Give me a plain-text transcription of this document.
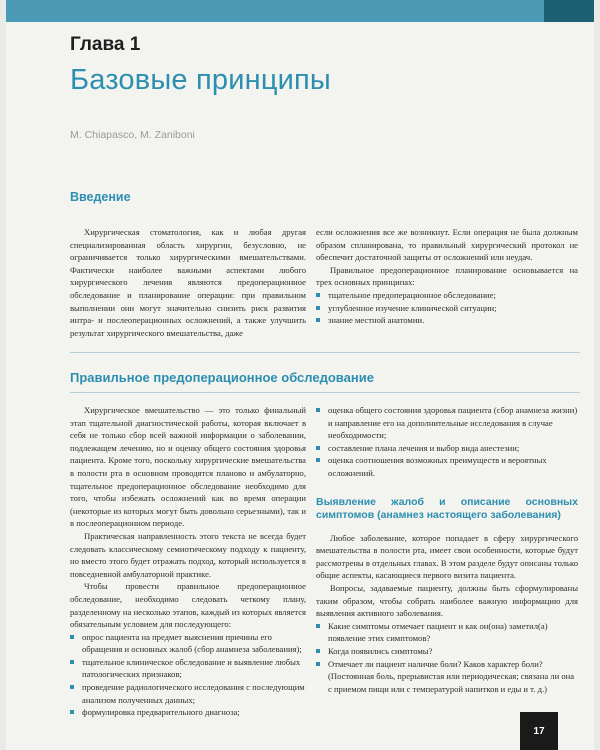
Глава 1
Базовые принципы
M. Chiapasco, M. Zaniboni
Введение

Хирургическая стоматология, как и любая другая специализированная область хирургии, безусловно, не ограничивается только хирургическими вмешательствами. Фактически наиболее важными аспектами любого хирургического лечения являются предоперационное обследование и планирование операции: при правильном выполнении они могут значительно снизить риск развития интра- и послеоперационных осложнений, а также улучшить результат хирургического вмешательства, даже

если осложнения все же возникнут. Если операция не была должным образом спланирована, то правильный хирургический протокол не обеспечит достаточной защиты от осложнений или неудач.

Правильное предоперационное планирование основывается на трех основных принципах:

тщательное предоперационное обследование;
углубленное изучение клинической ситуации;
знание местной анатомии.
Правильное предоперационное обследование

Хирургическое вмешательство — это только финальный этап тщательной диагностической работы, которая включает в себя не только сбор всей важной информации о заболевании, подлежащем лечению, но и оценку общего состояния здоровья пациента. Кроме того, поскольку хирургические вмешательства в полости рта в основном проводятся планово и амбулаторно, тщательное предоперационное обследование необходимо для того, чтобы избежать осложнений как во время операции (некоторые из которых могут быть довольно серьезными), так и в послеоперационном периоде.

Практическая направленность этого текста не всегда будет следовать классическому семиотическому подходу к пациенту, но вместо этого будет отражать подход, который используется в повседневной амбулаторной практике.

Чтобы провести правильное предоперационное обследование, необходимо следовать четкому плану, разделенному на несколько этапов, каждый из которых является обязательным условием для последующего:

опрос пациента на предмет выяснения причины его обращения и основных жалоб (сбор анамнеза заболевания);
тщательное клиническое обследование и выявление любых патологических признаков;
проведение радиологического исследования с последующим анализом полученных данных;
формулировка предварительного диагноза;
оценка общего состояния здоровья пациента (сбор анамнеза жизни) и направление его на дополнительные исследования в случае необходимости;
составление плана лечения и выбор вида анестезии;
оценка соотношения возможных преимуществ и вероятных осложнений.

Выявление жалоб и описание основных симптомов (анамнез настоящего заболевания)

Любое заболевание, которое попадает в сферу хирургического вмешательства в полости рта, имеет свои особенности, которые будут рассмотрены в отдельных главах. В этом разделе будут описаны только общие аспекты, касающиеся первого визита пациента.

Вопросы, задаваемые пациенту, должны быть сформулированы таким образом, чтобы собрать наиболее важную информацию для выявления активного заболевания.

Какие симптомы отмечает пациент и как он(она) заметил(а) появление этих симптомов?
Когда появились симптомы?
Отмечает ли пациент наличие боли? Каков характер боли? (Постоянная боль, прерывистая или периодическая; связана ли она с приемом пищи или с температурой напитков и еды и т. д.)
17
